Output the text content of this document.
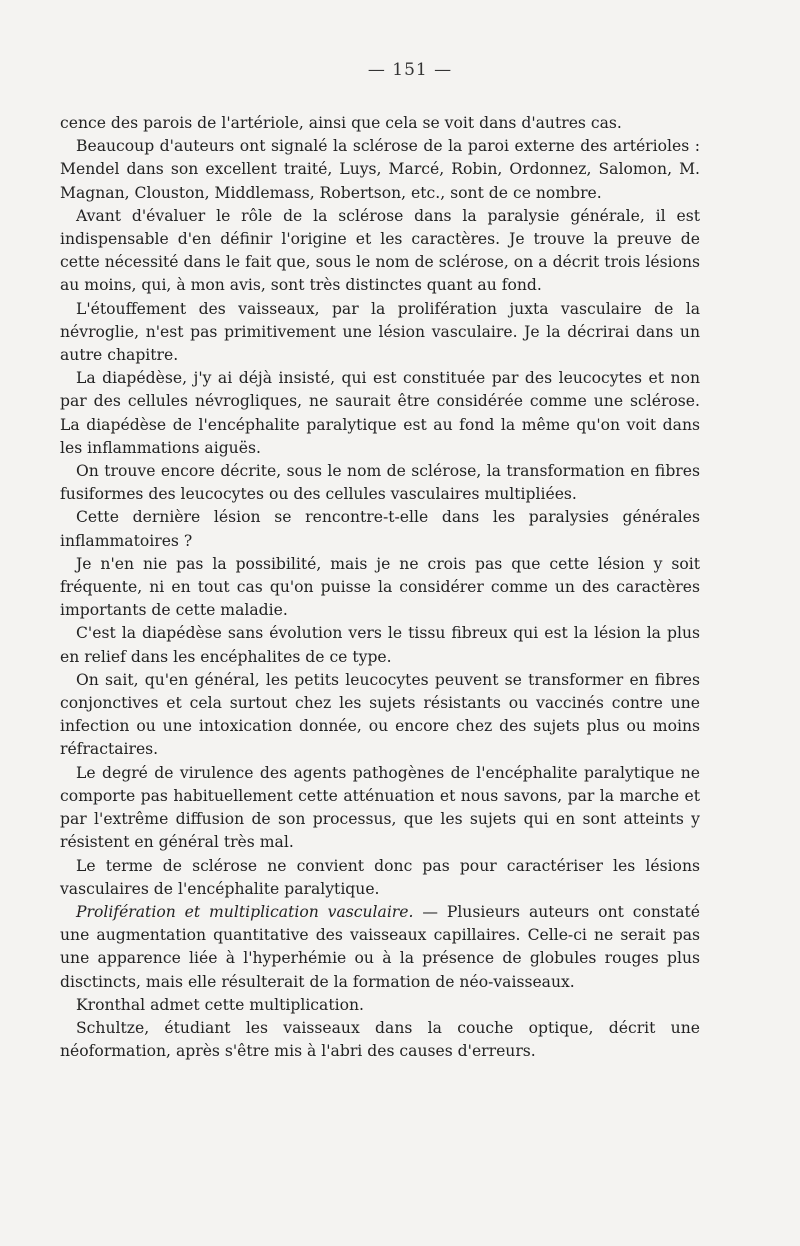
— 151 —

cence des parois de l'artériole, ainsi que cela se voit dans d'autres cas.

Beaucoup d'auteurs ont signalé la sclérose de la paroi externe des artérioles : Mendel dans son excellent traité, Luys, Marcé, Robin, Ordonnez, Salomon, M. Magnan, Clouston, Middlemass, Robertson, etc., sont de ce nombre.

Avant d'évaluer le rôle de la sclérose dans la paralysie générale, il est indispensable d'en définir l'origine et les caractères. Je trouve la preuve de cette nécessité dans le fait que, sous le nom de sclérose, on a décrit trois lésions au moins, qui, à mon avis, sont très distinctes quant au fond.

L'étouffement des vaisseaux, par la prolifération juxta vasculaire de la névroglie, n'est pas primitivement une lésion vasculaire. Je la décrirai dans un autre chapitre.

La diapédèse, j'y ai déjà insisté, qui est constituée par des leucocytes et non par des cellules névrogliques, ne saurait être considérée comme une sclérose. La diapédèse de l'encéphalite paralytique est au fond la même qu'on voit dans les inflammations aiguës.

On trouve encore décrite, sous le nom de sclérose, la transformation en fibres fusiformes des leucocytes ou des cellules vasculaires multipliées.

Cette dernière lésion se rencontre-t-elle dans les paralysies générales inflammatoires ?

Je n'en nie pas la possibilité, mais je ne crois pas que cette lésion y soit fréquente, ni en tout cas qu'on puisse la considérer comme un des caractères importants de cette maladie.

C'est la diapédèse sans évolution vers le tissu fibreux qui est la lésion la plus en relief dans les encéphalites de ce type.

On sait, qu'en général, les petits leucocytes peuvent se transformer en fibres conjonctives et cela surtout chez les sujets résistants ou vaccinés contre une infection ou une intoxication donnée, ou encore chez des sujets plus ou moins réfractaires.

Le degré de virulence des agents pathogènes de l'encéphalite paralytique ne comporte pas habituellement cette atténuation et nous savons, par la marche et par l'extrême diffusion de son processus, que les sujets qui en sont atteints y résistent en général très mal.

Le terme de sclérose ne convient donc pas pour caractériser les lésions vasculaires de l'encéphalite paralytique.

Prolifération et multiplication vasculaire. — Plusieurs auteurs ont constaté une augmentation quantitative des vaisseaux capillaires. Celle-ci ne serait pas une apparence liée à l'hyperhémie ou à la présence de globules rouges plus disctincts, mais elle résulterait de la formation de néo-vaisseaux.

Kronthal admet cette multiplication.

Schultze, étudiant les vaisseaux dans la couche optique, décrit une néoformation, après s'être mis à l'abri des causes d'erreurs.
